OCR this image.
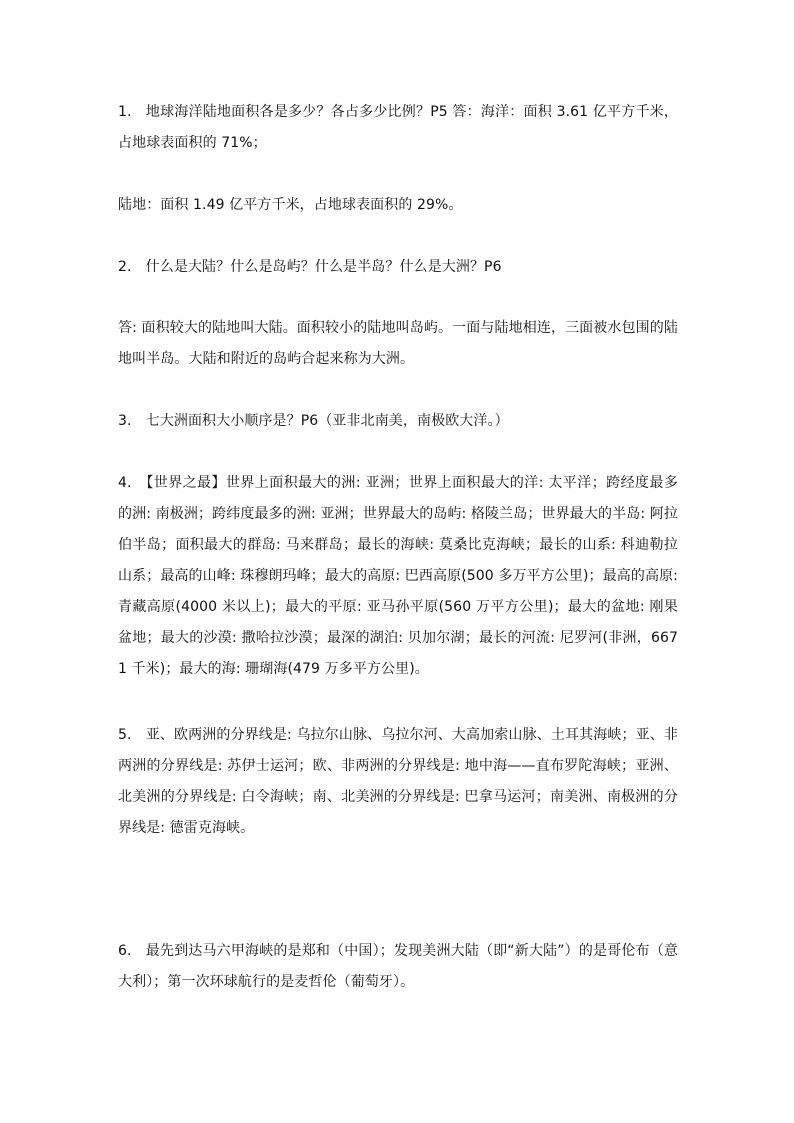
1.　地球海洋陆地面积各是多少？各占多少比例？P5 答：海洋：面积 3.61 亿平方千米，占地球表面积的 71%；
陆地：面积 1.49 亿平方千米，占地球表面积的 29%。
2.　什么是大陆？什么是岛屿？什么是半岛？什么是大洲？P6
答: 面积较大的陆地叫大陆。面积较小的陆地叫岛屿。一面与陆地相连，三面被水包围的陆地叫半岛。大陆和附近的岛屿合起来称为大洲。
3.　七大洲面积大小顺序是？P6（亚非北南美，南极欧大洋。）
4.　【世界之最】世界上面积最大的洲: 亚洲；世界上面积最大的洋: 太平洋；跨经度最多的洲: 南极洲；跨纬度最多的洲: 亚洲；世界最大的岛屿: 格陵兰岛；世界最大的半岛: 阿拉伯半岛；面积最大的群岛: 马来群岛；最长的海峡: 莫桑比克海峡；最长的山系: 科迪勒拉山系；最高的山峰: 珠穆朗玛峰；最大的高原: 巴西高原(500 多万平方公里)；最高的高原: 青藏高原(4000 米以上)；最大的平原: 亚马孙平原(560 万平方公里)；最大的盆地: 刚果盆地；最大的沙漠: 撒哈拉沙漠；最深的湖泊: 贝加尔湖；最长的河流: 尼罗河(非洲，6671 千米)；最大的海: 珊瑚海(479 万多平方公里)。
5.　亚、欧两洲的分界线是: 乌拉尔山脉、乌拉尔河、大高加索山脉、土耳其海峡；亚、非两洲的分界线是: 苏伊士运河；欧、非两洲的分界线是: 地中海——直布罗陀海峡；亚洲、北美洲的分界线是: 白令海峡；南、北美洲的分界线是: 巴拿马运河；南美洲、南极洲的分界线是: 德雷克海峡。
6.　最先到达马六甲海峡的是郑和（中国）；发现美洲大陆（即“新大陆”）的是哥伦布（意大利）；第一次环球航行的是麦哲伦（葡萄牙）。
